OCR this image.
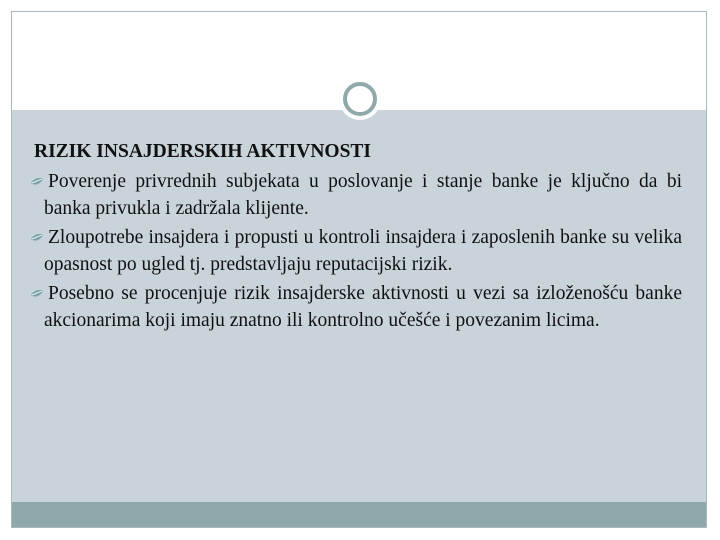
RIZIK INSAJDERSKIH AKTIVNOSTI
Poverenje privrednih subjekata u poslovanje i stanje banke je ključno da bi banka privukla i zadržala klijente.
Zloupotrebe insajdera i propusti u kontroli insajdera i zaposlenih banke su velika opasnost po ugled tj. predstavljaju reputacijski rizik.
Posebno se procenjuje rizik insajderske aktivnosti u vezi sa izloženošću banke akcionarima koji imaju znatno ili kontrolno učešće i povezanim licima.
